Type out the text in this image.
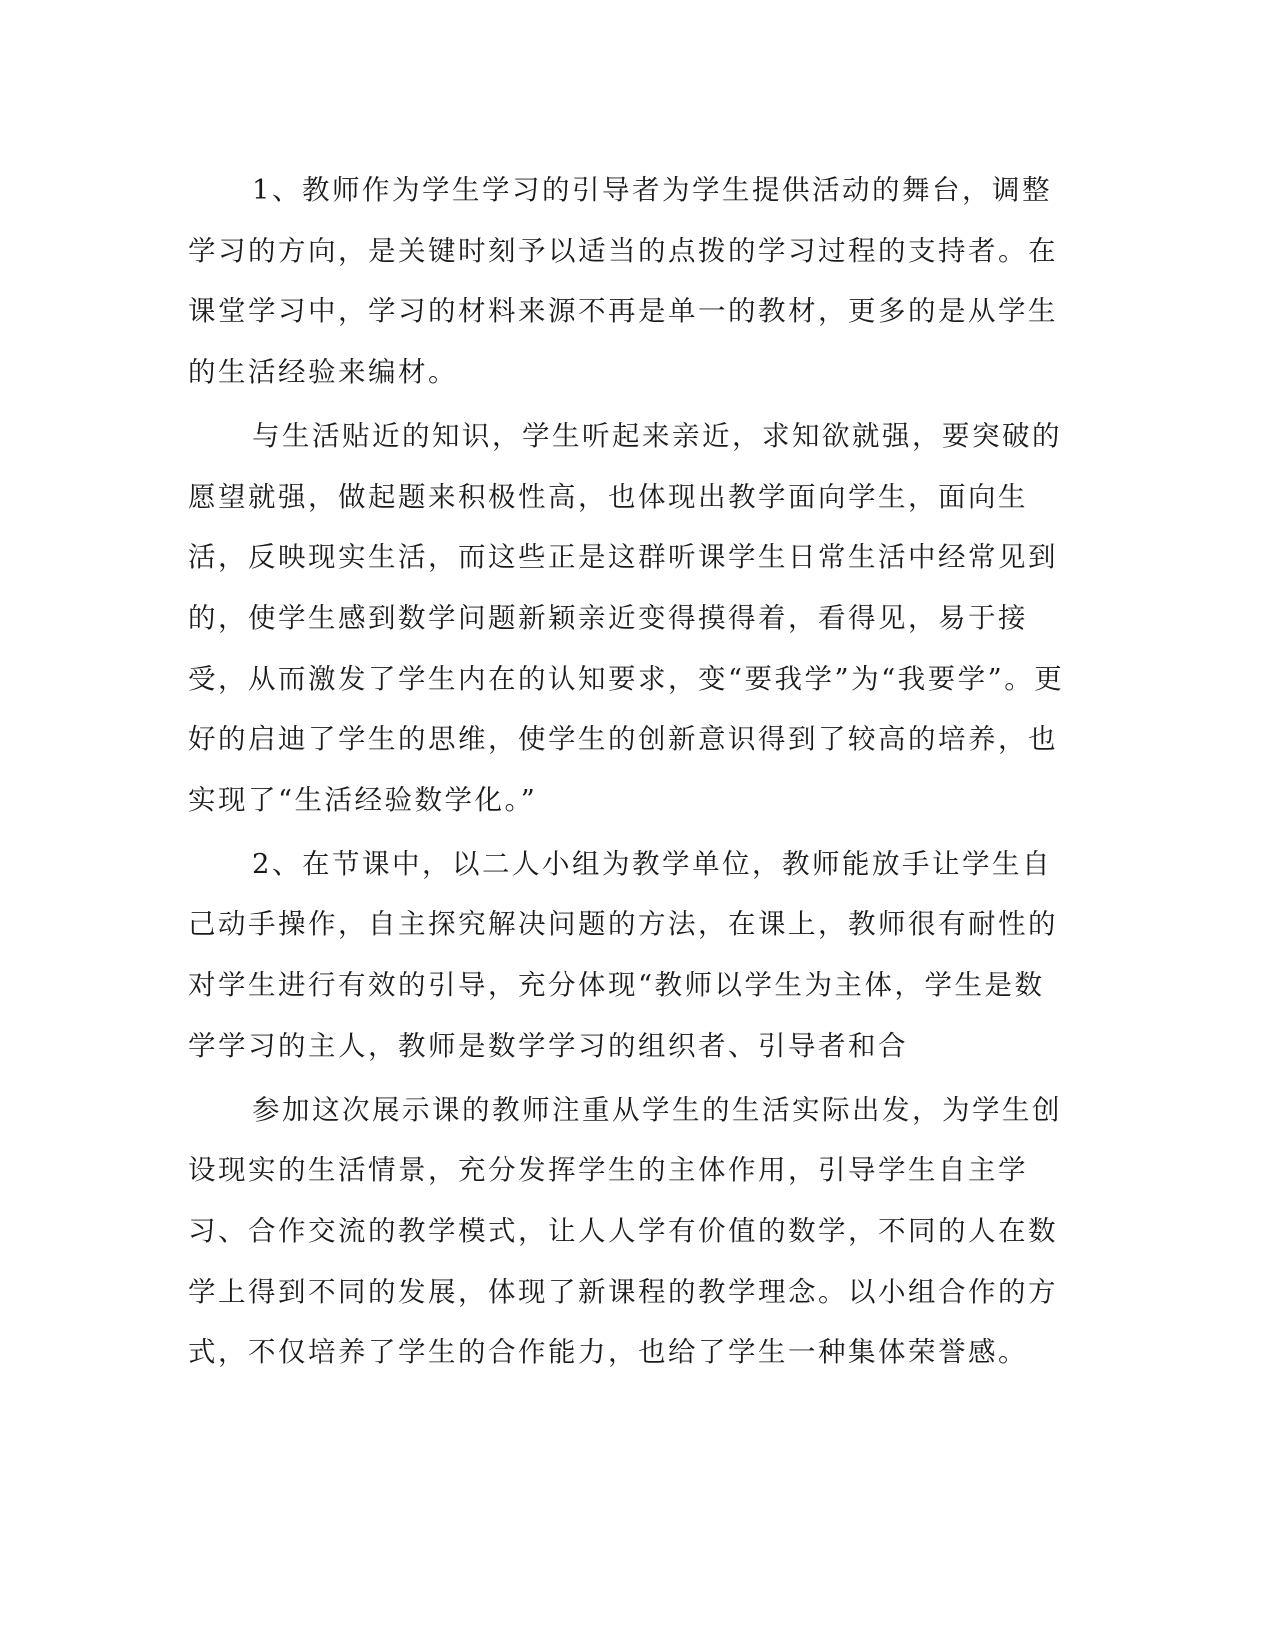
1、教师作为学生学习的引导者为学生提供活动的舞台，调整学习的方向，是关键时刻予以适当的点拨的学习过程的支持者。在课堂学习中，学习的材料来源不再是单一的教材，更多的是从学生的生活经验来编材。

与生活贴近的知识，学生听起来亲近，求知欲就强，要突破的愿望就强，做起题来积极性高，也体现出教学面向学生，面向生活，反映现实生活，而这些正是这群听课学生日常生活中经常见到的，使学生感到数学问题新颖亲近变得摸得着，看得见，易于接受，从而激发了学生内在的认知要求，变“要我学”为“我要学”。更好的启迪了学生的思维，使学生的创新意识得到了较高的培养，也实现了“生活经验数学化。”

2、在节课中，以二人小组为教学单位，教师能放手让学生自己动手操作，自主探究解决问题的方法，在课上，教师很有耐性的对学生进行有效的引导，充分体现“教师以学生为主体，学生是数学学习的主人，教师是数学学习的组织者、引导者和合

参加这次展示课的教师注重从学生的生活实际出发，为学生创设现实的生活情景，充分发挥学生的主体作用，引导学生自主学习、合作交流的教学模式，让人人学有价值的数学，不同的人在数学上得到不同的发展，体现了新课程的教学理念。以小组合作的方式，不仅培养了学生的合作能力，也给了学生一种集体荣誉感。
